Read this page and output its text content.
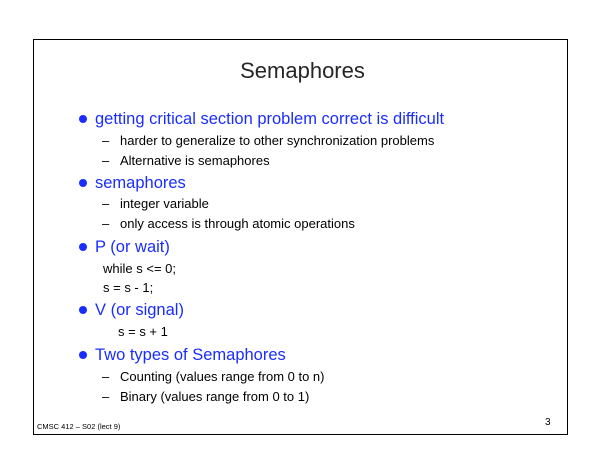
Semaphores
getting critical section problem correct is difficult
– harder to generalize to other synchronization problems
– Alternative is semaphores
semaphores
– integer variable
– only access is through atomic operations
P (or wait)
while s <= 0;
s = s - 1;
V (or signal)
s = s + 1
Two types of Semaphores
– Counting (values range from 0 to n)
– Binary (values range from 0 to 1)
CMSC 412 – S02 (lect 9)	3
